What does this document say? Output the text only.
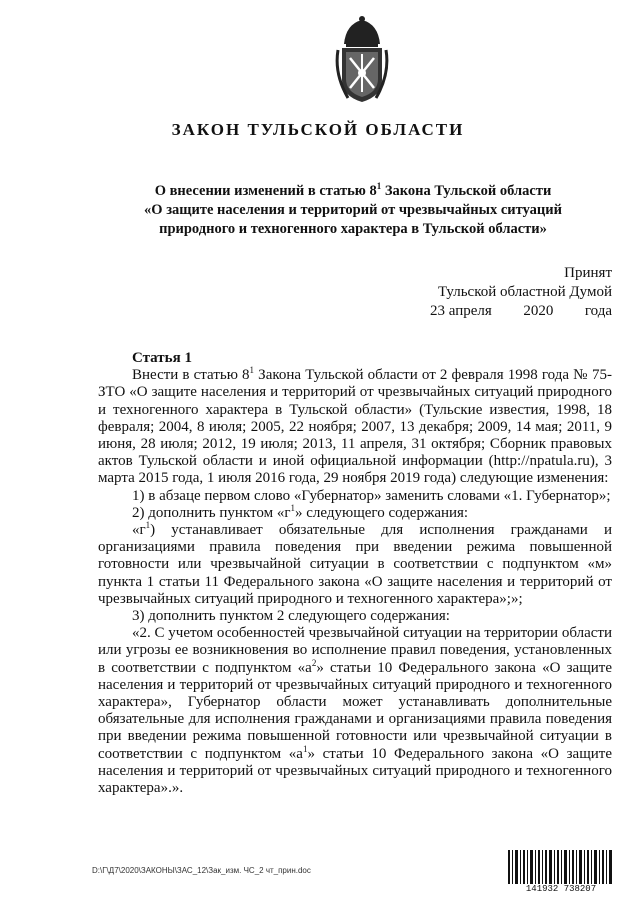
ЗАКОН ТУЛЬСКОЙ ОБЛАСТИ
О внесении изменений в статью $8^1$ Закона Тульской области
«О защите населения и территорий от чрезвычайных ситуаций
природного и техногенного характера в Тульской области»
Принят
Тульской областной Думой
23 апреля 2020 года

Статья 1

Внести в статью $8^1$ Закона Тульской области от 2 февраля 1998 года № 75-ЗТО «О защите населения и территорий от чрезвычайных ситуаций природного и техногенного характера в Тульской области» (Тульские известия, 1998, 18 февраля; 2004, 8 июля; 2005, 22 ноября; 2007, 13 декабря; 2009, 14 мая; 2011, 9 июня, 28 июля; 2012, 19 июля; 2013, 11 апреля, 31 октября; Сборник правовых актов Тульской области и иной официальной информации (http://npatula.ru), 3 марта 2015 года, 1 июля 2016 года, 29 ноября 2019 года) следующие изменения:

1) в абзаце первом слово «Губернатор» заменить словами «1. Губернатор»;

2) дополнить пунктом «$г^1$» следующего содержания:

«$г^1$) устанавливает обязательные для исполнения гражданами и организациями правила поведения при введении режима повышенной готовности или чрезвычайной ситуации в соответствии с подпунктом «м» пункта 1 статьи 11 Федерального закона «О защите населения и территорий от чрезвычайных ситуаций природного и техногенного характера»;»;

3) дополнить пунктом 2 следующего содержания:

«2. С учетом особенностей чрезвычайной ситуации на территории области или угрозы ее возникновения во исполнение правил поведения, установленных в соответствии с подпунктом «$а^2$» статьи 10 Федерального закона «О защите населения и территорий от чрезвычайных ситуаций природного и техногенного характера», Губернатор области может устанавливать дополнительные обязательные для исполнения гражданами и организациями правила поведения при введении режима повышенной готовности или чрезвычайной ситуации в соответствии с подпунктом «$а^1$» статьи 10 Федерального закона «О защите населения и территорий от чрезвычайных ситуаций природного и техногенного характера».».

D:\Г\Д7\2020\ЗАКОНЫ\ЗАС_12\Зак_изм. ЧС_2 чт_прин.doc
141932 738207
